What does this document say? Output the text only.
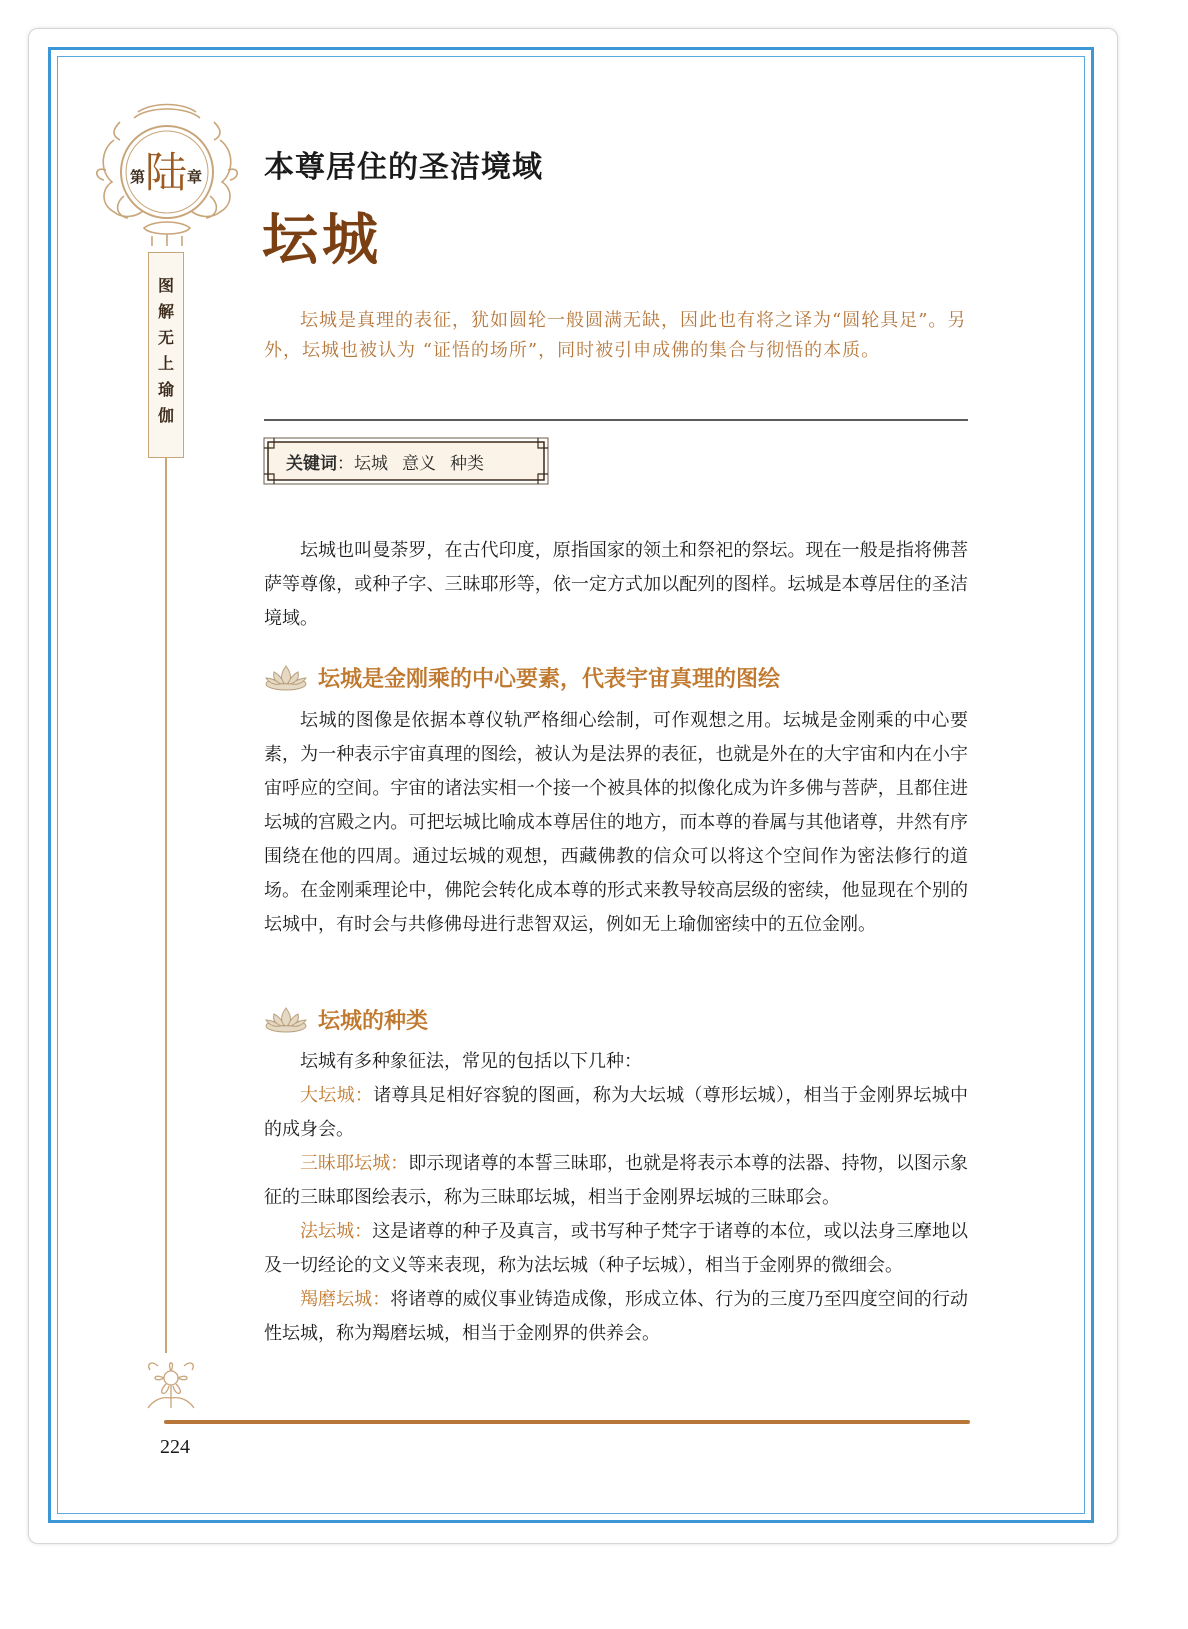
第 陆 章
图
解
无
上
瑜
伽
本尊居住的圣洁境域
坛城
坛城是真理的表征，犹如圆轮一般圆满无缺，因此也有将之译为“圆轮具足”。另外，坛城也被认为 “证悟的场所”，同时被引申成佛的集合与彻悟的本质。
关键词：坛城 意义 种类

坛城也叫曼荼罗，在古代印度，原指国家的领土和祭祀的祭坛。现在一般是指将佛菩萨等尊像，或种子字、三昧耶形等，依一定方式加以配列的图样。坛城是本尊居住的圣洁境域。

坛城是金刚乘的中心要素，代表宇宙真理的图绘

坛城的图像是依据本尊仪轨严格细心绘制，可作观想之用。坛城是金刚乘的中心要素，为一种表示宇宙真理的图绘，被认为是法界的表征，也就是外在的大宇宙和内在小宇宙呼应的空间。宇宙的诸法实相一个接一个被具体的拟像化成为许多佛与菩萨，且都住进坛城的宫殿之内。可把坛城比喻成本尊居住的地方，而本尊的眷属与其他诸尊，井然有序围绕在他的四周。通过坛城的观想，西藏佛教的信众可以将这个空间作为密法修行的道场。在金刚乘理论中，佛陀会转化成本尊的形式来教导较高层级的密续，他显现在个别的坛城中，有时会与共修佛母进行悲智双运，例如无上瑜伽密续中的五位金刚。

坛城的种类

坛城有多种象征法，常见的包括以下几种：

大坛城：诸尊具足相好容貌的图画，称为大坛城（尊形坛城），相当于金刚界坛城中的成身会。

三昧耶坛城：即示现诸尊的本誓三昧耶，也就是将表示本尊的法器、持物，以图示象征的三昧耶图绘表示，称为三昧耶坛城，相当于金刚界坛城的三昧耶会。

法坛城：这是诸尊的种子及真言，或书写种子梵字于诸尊的本位，或以法身三摩地以及一切经论的文义等来表现，称为法坛城（种子坛城），相当于金刚界的微细会。

羯磨坛城：将诸尊的威仪事业铸造成像，形成立体、行为的三度乃至四度空间的行动性坛城，称为羯磨坛城，相当于金刚界的供养会。

224
